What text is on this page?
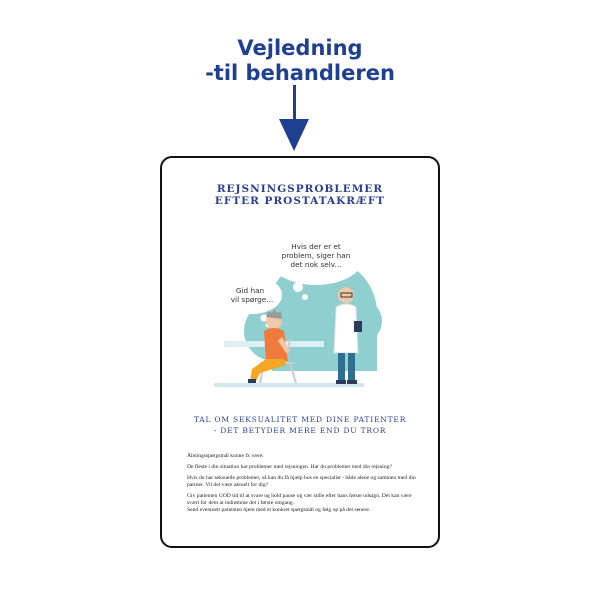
Vejledning
-til behandleren
REJSNINGSPROBLEMER
EFTER PROSTATAKRÆFT
Hvis der er et
problem, siger han
det nok selv...
Gid han
vil spørge...
TAL OM SEKSUALITET MED DINE PATIENTER
- DET BETYDER MERE END DU TROR

Åbningsspørgsmål kunne fx være:

De fleste i din situation har problemer med rejsningen. Har du problemer med din rejsning?

Hvis du har seksuelle problemer, så kan du få hjælp hos en specialist - både alene og sammen med din partner. Vil det være aktuelt for dig?

Giv patienten GOD tid til at svare og hold pause og vær stille efter hans første udsagn. Det kan være svært for dem at indrømme det i første omgang.

Send eventuelt patienten hjem med et konkret spørgsmål og følg op på det senere.
